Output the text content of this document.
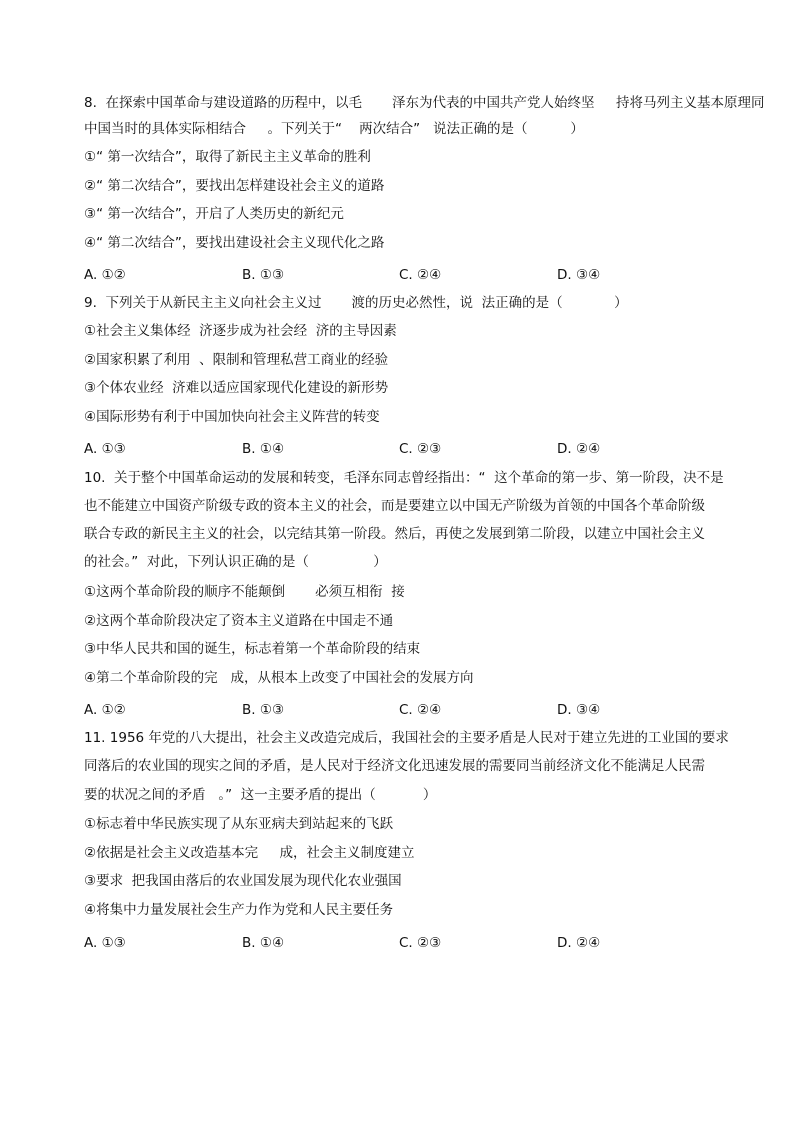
8.  在探索中国革命与建设道路的历程中，以毛       泽东为代表的中国共产党人始终坚     持将马列主义基本原理同
中国当时的具体实际相结合     。下列关于“    两次结合”   说法正确的是（          ）
①“ 第一次结合”，取得了新民主主义革命的胜利
②“ 第二次结合”，要找出怎样建设社会主义的道路
③“ 第一次结合”，开启了人类历史的新纪元
④“ 第二次结合”，要找出建设社会主义现代化之路
A. ①②	B. ①③	C. ②④	D. ③④
9.  下列关于从新民主主义向社会主义过       渡的历史必然性，说  法正确的是（            ）
①社会主义集体经  济逐步成为社会经  济的主导因素
②国家积累了利用  、限制和管理私营工商业的经验
③个体农业经  济难以适应国家现代化建设的新形势
④国际形势有利于中国加快向社会主义阵营的转变
A. ①③	B. ①④	C. ②③	D. ②④
10.  关于整个中国革命运动的发展和转变，毛泽东同志曾经指出：“  这个革命的第一步、第一阶段，决不是
也不能建立中国资产阶级专政的资本主义的社会，而是要建立以中国无产阶级为首领的中国各个革命阶级
联合专政的新民主主义的社会，以完结其第一阶段。然后，再使之发展到第二阶段，以建立中国社会主义
的社会。”  对此，下列认识正确的是（               ）
①这两个革命阶段的顺序不能颠倒       必须互相衔  接
②这两个革命阶段决定了资本主义道路在中国走不通
③中华人民共和国的诞生，标志着第一个革命阶段的结束
④第二个革命阶段的完   成，从根本上改变了中国社会的发展方向
A. ①②	B. ①③	C. ②④	D. ③④
11. 1956 年党的八大提出，社会主义改造完成后，我国社会的主要矛盾是人民对于建立先进的工业国的要求
同落后的农业国的现实之间的矛盾，是人民对于经济文化迅速发展的需要同当前经济文化不能满足人民需
要的状况之间的矛盾   。”  这一主要矛盾的提出（           ）
①标志着中华民族实现了从东亚病夫到站起来的飞跃
②依据是社会主义改造基本完     成，社会主义制度建立
③要求  把我国由落后的农业国发展为现代化农业强国
④将集中力量发展社会生产力作为党和人民主要任务
A. ①③	B. ①④	C. ②③	D. ②④
